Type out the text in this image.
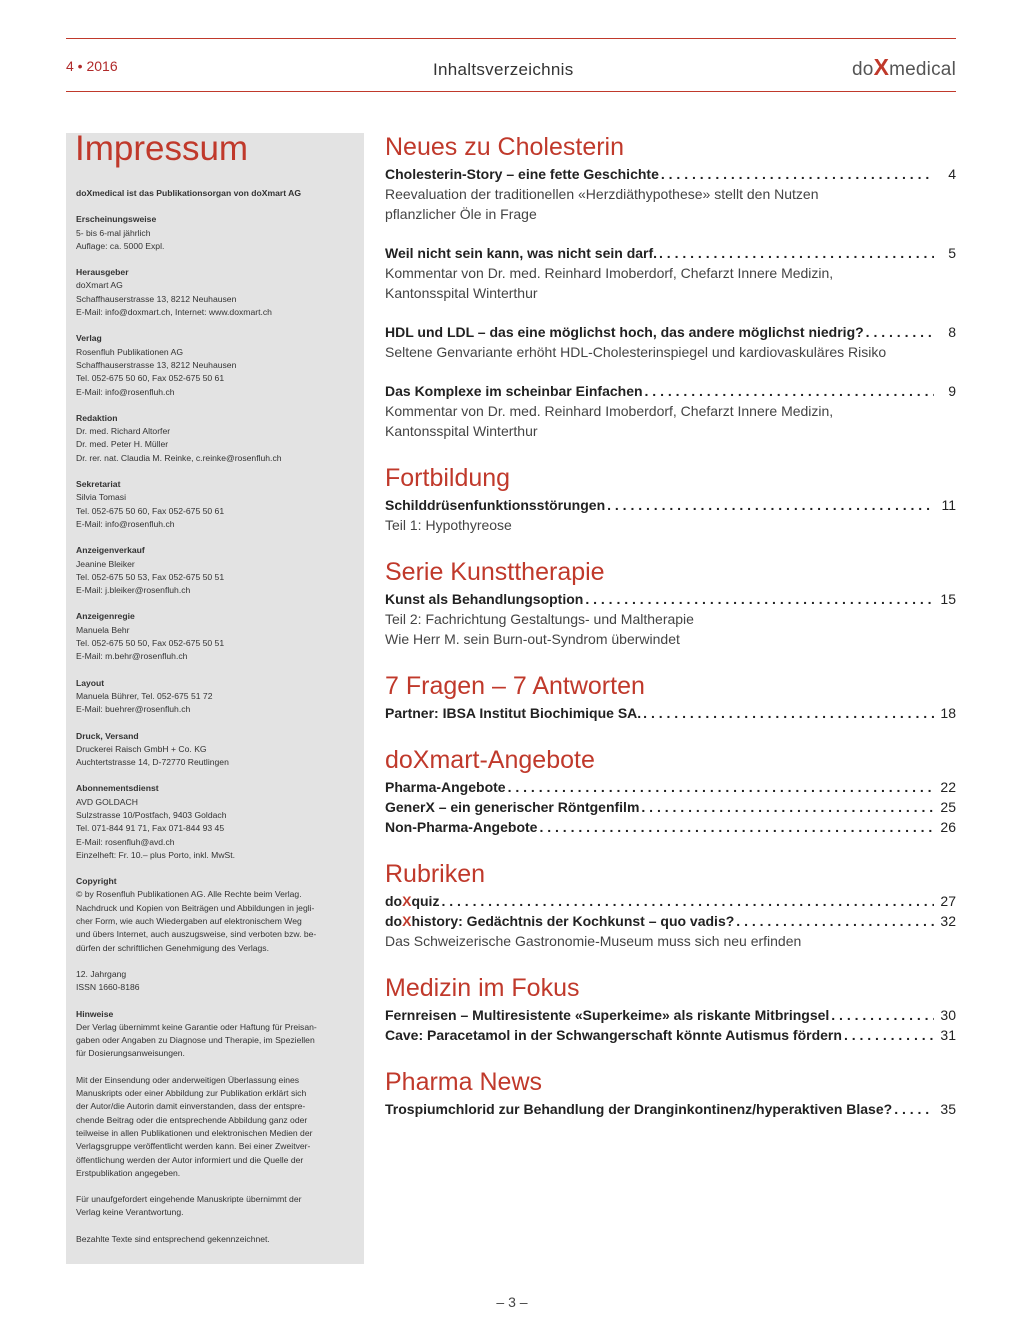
4 • 2016	Inhaltsverzeichnis	doXmedical
Impressum
doXmedical ist das Publikationsorgan von doXmart AG
Erscheinungsweise
5- bis 6-mal jährlich
Auflage: ca. 5000 Expl.
Herausgeber
doXmart AG
Schaffhauserstrasse 13, 8212 Neuhausen
E-Mail: info@doxmart.ch, Internet: www.doxmart.ch
Verlag
Rosenfluh Publikationen AG
Schaffhauserstrasse 13, 8212 Neuhausen
Tel. 052-675 50 60, Fax 052-675 50 61
E-Mail: info@rosenfluh.ch
Redaktion
Dr. med. Richard Altorfer
Dr. med. Peter H. Müller
Dr. rer. nat. Claudia M. Reinke, c.reinke@rosenfluh.ch
Sekretariat
Silvia Tomasi
Tel. 052-675 50 60, Fax 052-675 50 61
E-Mail: info@rosenfluh.ch
Anzeigenverkauf
Jeanine Bleiker
Tel. 052-675 50 53, Fax 052-675 50 51
E-Mail: j.bleiker@rosenfluh.ch
Anzeigenregie
Manuela Behr
Tel. 052-675 50 50, Fax 052-675 50 51
E-Mail: m.behr@rosenfluh.ch
Layout
Manuela Bührer, Tel. 052-675 51 72
E-Mail: buehrer@rosenfluh.ch
Druck, Versand
Druckerei Raisch GmbH + Co. KG
Auchtertstrasse 14, D-72770 Reutlingen
Abonnementsdienst
AVD GOLDACH
Sulzstrasse 10/Postfach, 9403 Goldach
Tel. 071-844 91 71, Fax 071-844 93 45
E-Mail: rosenfluh@avd.ch
Einzelheft: Fr. 10.– plus Porto, inkl. MwSt.
Copyright
© by Rosenfluh Publikationen AG. Alle Rechte beim Verlag.
Nachdruck und Kopien von Beiträgen und Abbildungen in jegli-
cher Form, wie auch Wiedergaben auf elektronischem Weg
und übers Internet, auch auszugsweise, sind verboten bzw. be-
dürfen der schriftlichen Genehmigung des Verlags.
12. Jahrgang
ISSN 1660-8186
Hinweise
Der Verlag übernimmt keine Garantie oder Haftung für Preisan-
gaben oder Angaben zu Diagnose und Therapie, im Speziellen
für Dosierungsanweisungen.
Mit der Einsendung oder anderweitigen Überlassung eines
Manuskripts oder einer Abbildung zur Publikation erklärt sich
der Autor/die Autorin damit einverstanden, dass der entspre-
chende Beitrag oder die entsprechende Abbildung ganz oder
teilweise in allen Publikationen und elektronischen Medien der
Verlagsgruppe veröffentlicht werden kann. Bei einer Zweitver-
öffentlichung werden der Autor informiert und die Quelle der
Erstpublikation angegeben.
Für unaufgefordert eingehende Manuskripte übernimmt der
Verlag keine Verantwortung.
Bezahlte Texte sind entsprechend gekennzeichnet.
Neues zu Cholesterin
Cholesterin-Story – eine fette Geschichte . . .	4
Reevaluation der traditionellen «Herzdiäthypothese» stellt den Nutzen
pflanzlicher Öle in Frage
Weil nicht sein kann, was nicht sein darf. . . .	5
Kommentar von Dr. med. Reinhard Imoberdorf, Chefarzt Innere Medizin,
Kantonsspital Winterthur
HDL und LDL – das eine möglichst hoch, das andere möglichst niedrig? . . .	8
Seltene Genvariante erhöht HDL-Cholesterinspiegel und kardiovaskuläres Risiko
Das Komplexe im scheinbar Einfachen . . .	9
Kommentar von Dr. med. Reinhard Imoberdorf, Chefarzt Innere Medizin,
Kantonsspital Winterthur
Fortbildung
Schilddrüsenfunktionsstörungen . . .	11
Teil 1: Hypothyreose
Serie Kunsttherapie
Kunst als Behandlungsoption . . .	15
Teil 2: Fachrichtung Gestaltungs- und Maltherapie
Wie Herr M. sein Burn-out-Syndrom überwindet
7 Fragen – 7 Antworten
Partner: IBSA Institut Biochimique SA. . . .	18
doXmart-Angebote
Pharma-Angebote . . .	22
GenerX – ein generischer Röntgenfilm . . .	25
Non-Pharma-Angebote . . .	26
Rubriken
doXquiz . . .	27
doXhistory: Gedächtnis der Kochkunst – quo vadis? . . .	32
Das Schweizerische Gastronomie-Museum muss sich neu erfinden
Medizin im Fokus
Fernreisen – Multiresistente «Superkeime» als riskante Mitbringsel . . .	30
Cave: Paracetamol in der Schwangerschaft könnte Autismus fördern . . .	31
Pharma News
Trospiumchlorid zur Behandlung der Dranginkontinenz/hyperaktiven Blase? . . .	35
– 3 –
